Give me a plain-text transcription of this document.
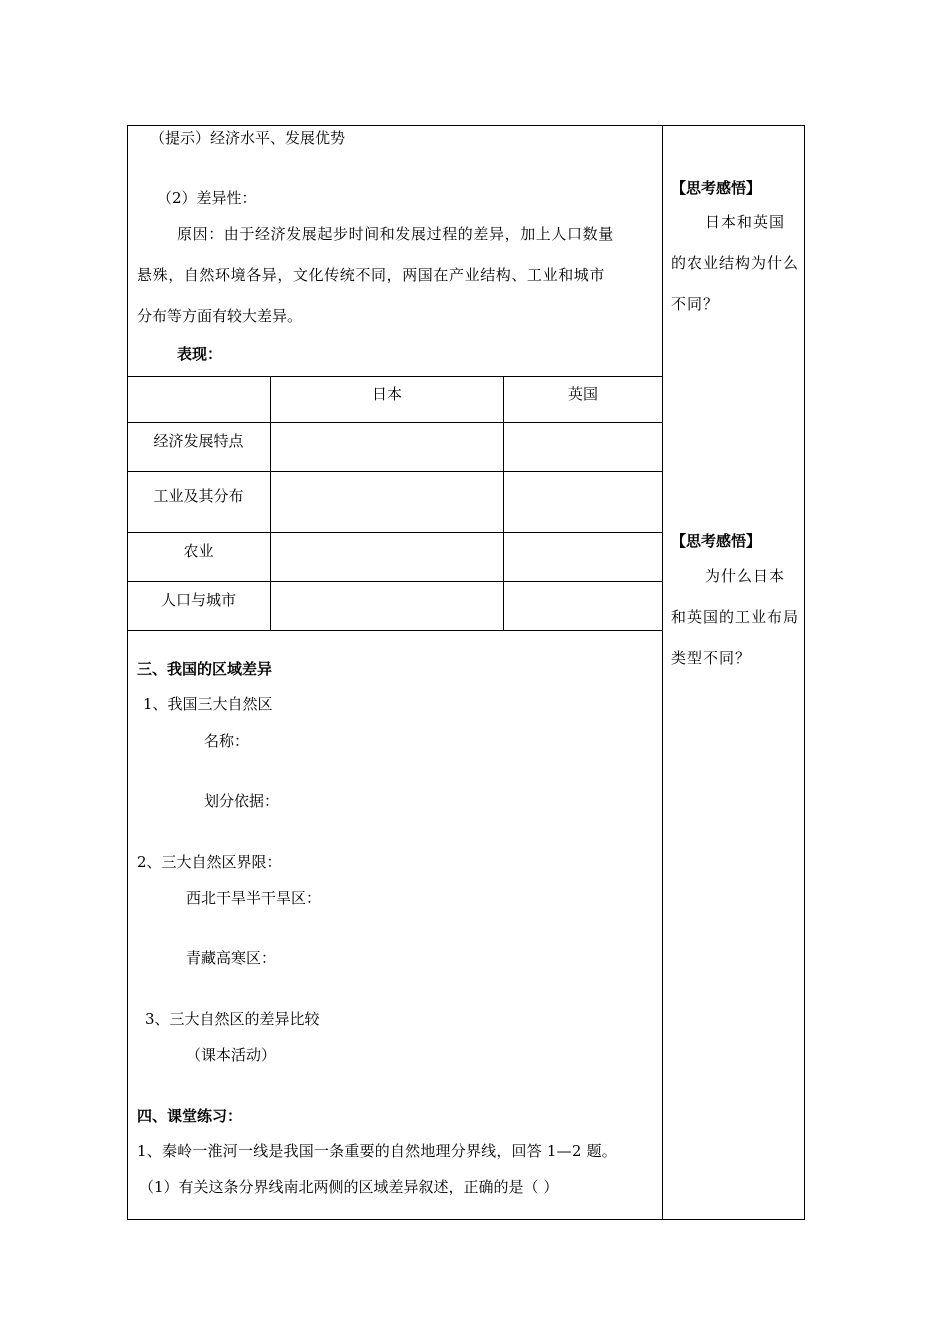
（提示）经济水平、发展优势
（2）差异性：
原因：由于经济发展起步时间和发展过程的差异，加上人口数量
悬殊，自然环境各异，文化传统不同，两国在产业结构、工业和城市
分布等方面有较大差异。
表现：
日本	英国
经济发展特点
工业及其分布
农业
人口与城市
三、我国的区域差异
1、我国三大自然区
名称：
划分依据：
2、三大自然区界限：
西北干旱半干旱区：
青藏高寒区：
3、三大自然区的差异比较
（课本活动）
四、课堂练习：
1、秦岭一淮河一线是我国一条重要的自然地理分界线，回答 1—2 题。
（1）有关这条分界线南北两侧的区域差异叙述，正确的是（ ）
【思考感悟】
日本和英国的农业结构为什么不同？
【思考感悟】
为什么日本和英国的工业布局类型不同？
